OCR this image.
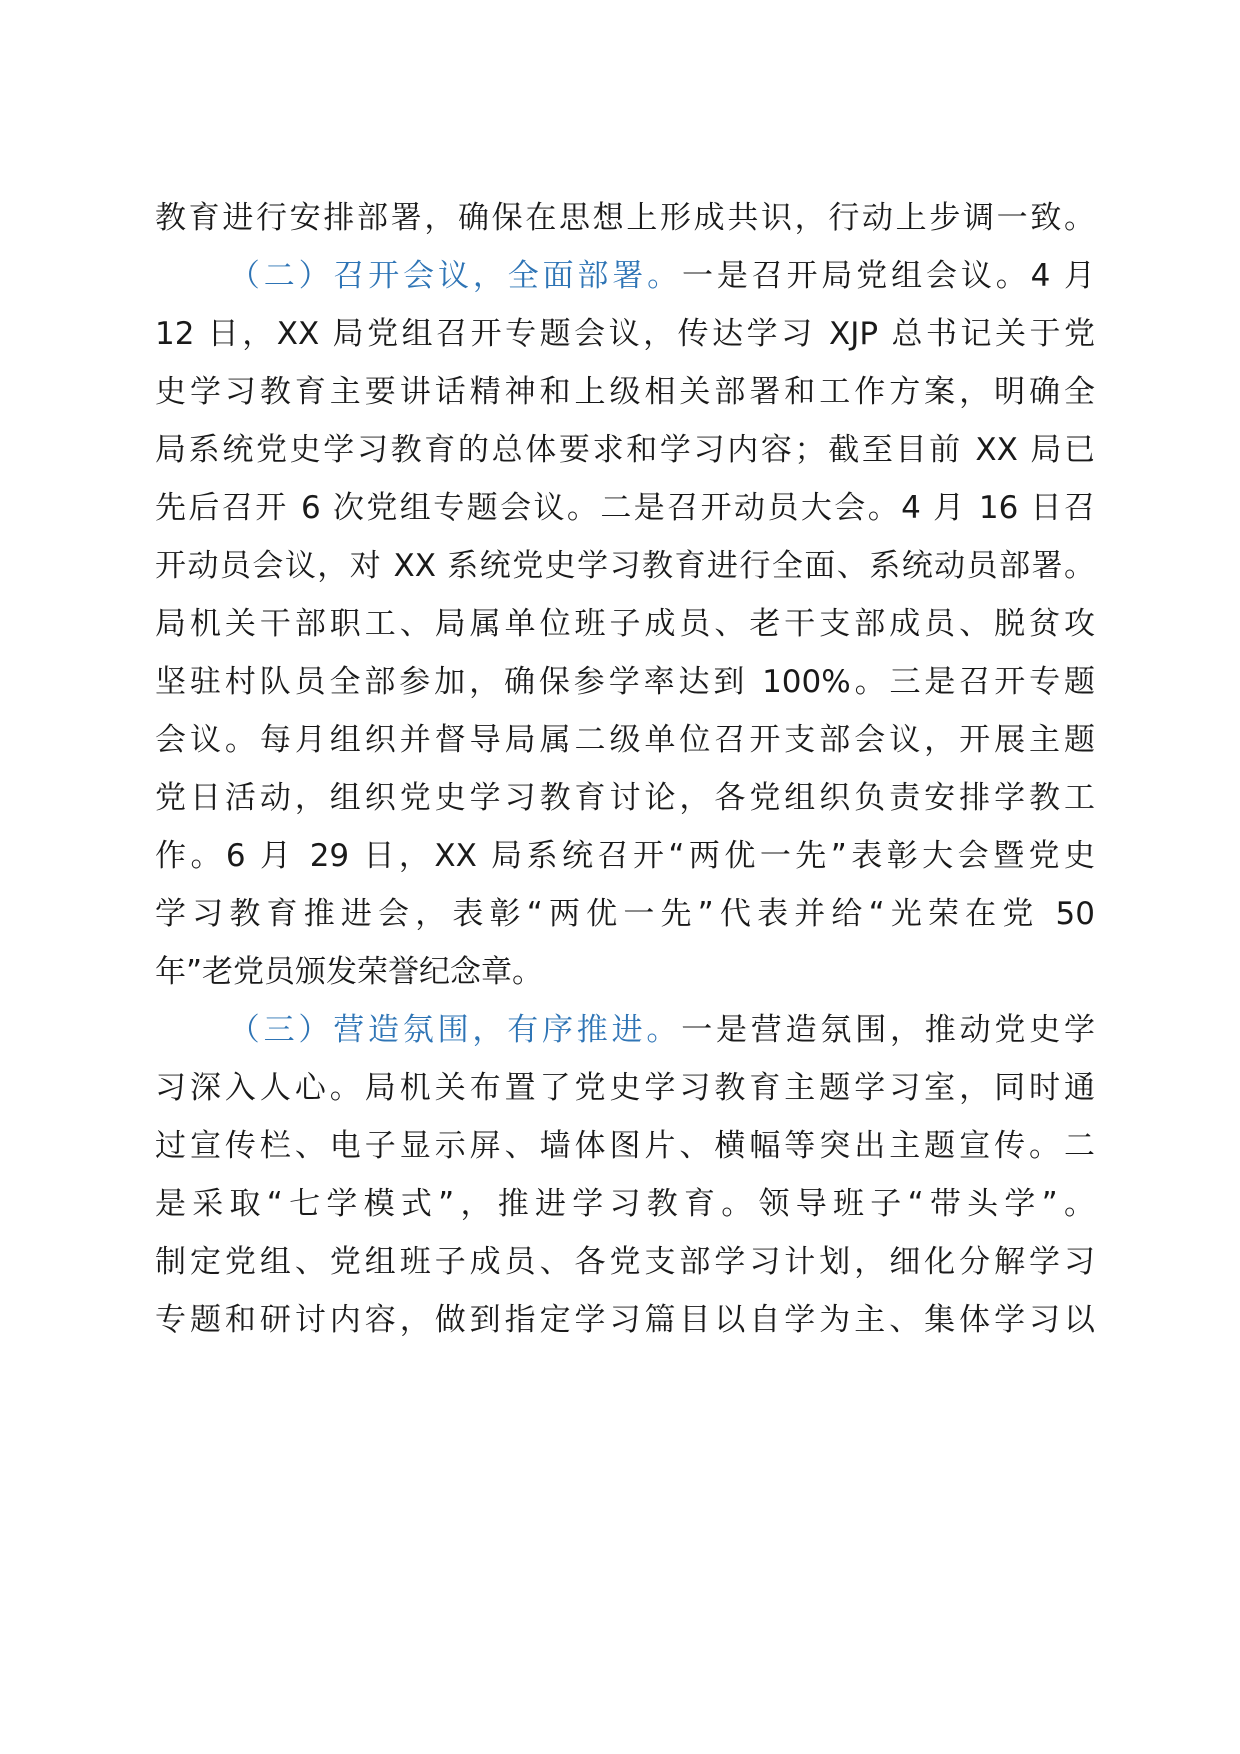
教育进行安排部署，确保在思想上形成共识，行动上步调一致。
（二）召开会议，全面部署。一是召开局党组会议。4 月
12 日，XX 局党组召开专题会议，传达学习 XJP 总书记关于党
史学习教育主要讲话精神和上级相关部署和工作方案，明确全
局系统党史学习教育的总体要求和学习内容；截至目前 XX 局已
先后召开 6 次党组专题会议。二是召开动员大会。4 月 16 日召
开动员会议，对 XX 系统党史学习教育进行全面、系统动员部署。
局机关干部职工、局属单位班子成员、老干支部成员、脱贫攻
坚驻村队员全部参加，确保参学率达到 100%。三是召开专题
会议。每月组织并督导局属二级单位召开支部会议，开展主题
党日活动，组织党史学习教育讨论，各党组织负责安排学教工
作。6 月 29 日，XX 局系统召开“两优一先”表彰大会暨党史
学习教育推进会，表彰“两优一先”代表并给“光荣在党 50
年”老党员颁发荣誉纪念章。
（三）营造氛围，有序推进。一是营造氛围，推动党史学
习深入人心。局机关布置了党史学习教育主题学习室，同时通
过宣传栏、电子显示屏、墙体图片、横幅等突出主题宣传。二
是采取“七学模式”，推进学习教育。领导班子“带头学”。
制定党组、党组班子成员、各党支部学习计划，细化分解学习
专题和研讨内容，做到指定学习篇目以自学为主、集体学习以
